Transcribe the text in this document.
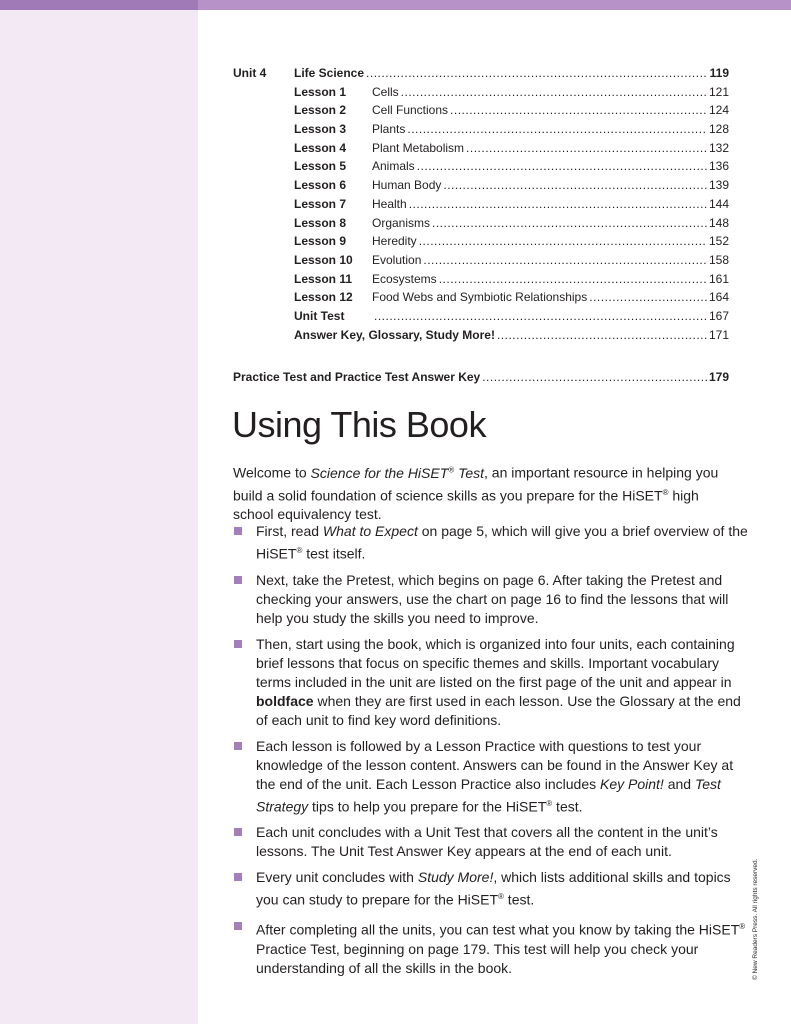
Unit 4 Life Science .....	119
Lesson 1 Cells .....	121
Lesson 2 Cell Functions .....	124
Lesson 3 Plants .....	128
Lesson 4 Plant Metabolism .....	132
Lesson 5 Animals .....	136
Lesson 6 Human Body .....	139
Lesson 7 Health .....	144
Lesson 8 Organisms .....	148
Lesson 9 Heredity .....	152
Lesson 10 Evolution .....	158
Lesson 11 Ecosystems .....	161
Lesson 12 Food Webs and Symbiotic Relationships .....	164
Unit Test .....	167
Answer Key, Glossary, Study More! .....	171
Practice Test and Practice Test Answer Key .....	179
Using This Book

Welcome to Science for the HiSET® Test, an important resource in helping you build a solid foundation of science skills as you prepare for the HiSET® high school equivalency test.

First, read What to Expect on page 5, which will give you a brief overview of the HiSET® test itself.
Next, take the Pretest, which begins on page 6. After taking the Pretest and checking your answers, use the chart on page 16 to find the lessons that will help you study the skills you need to improve.
Then, start using the book, which is organized into four units, each containing brief lessons that focus on specific themes and skills. Important vocabulary terms included in the unit are listed on the first page of the unit and appear in boldface when they are first used in each lesson. Use the Glossary at the end of each unit to find key word definitions.
Each lesson is followed by a Lesson Practice with questions to test your knowledge of the lesson content. Answers can be found in the Answer Key at the end of the unit. Each Lesson Practice also includes Key Point! and Test Strategy tips to help you prepare for the HiSET® test.
Each unit concludes with a Unit Test that covers all the content in the unit’s lessons. The Unit Test Answer Key appears at the end of each unit.
Every unit concludes with Study More!, which lists additional skills and topics you can study to prepare for the HiSET® test.
After completing all the units, you can test what you know by taking the HiSET® Practice Test, beginning on page 179. This test will help you check your understanding of all the skills in the book.	© New Readers Press. All rights reserved.
